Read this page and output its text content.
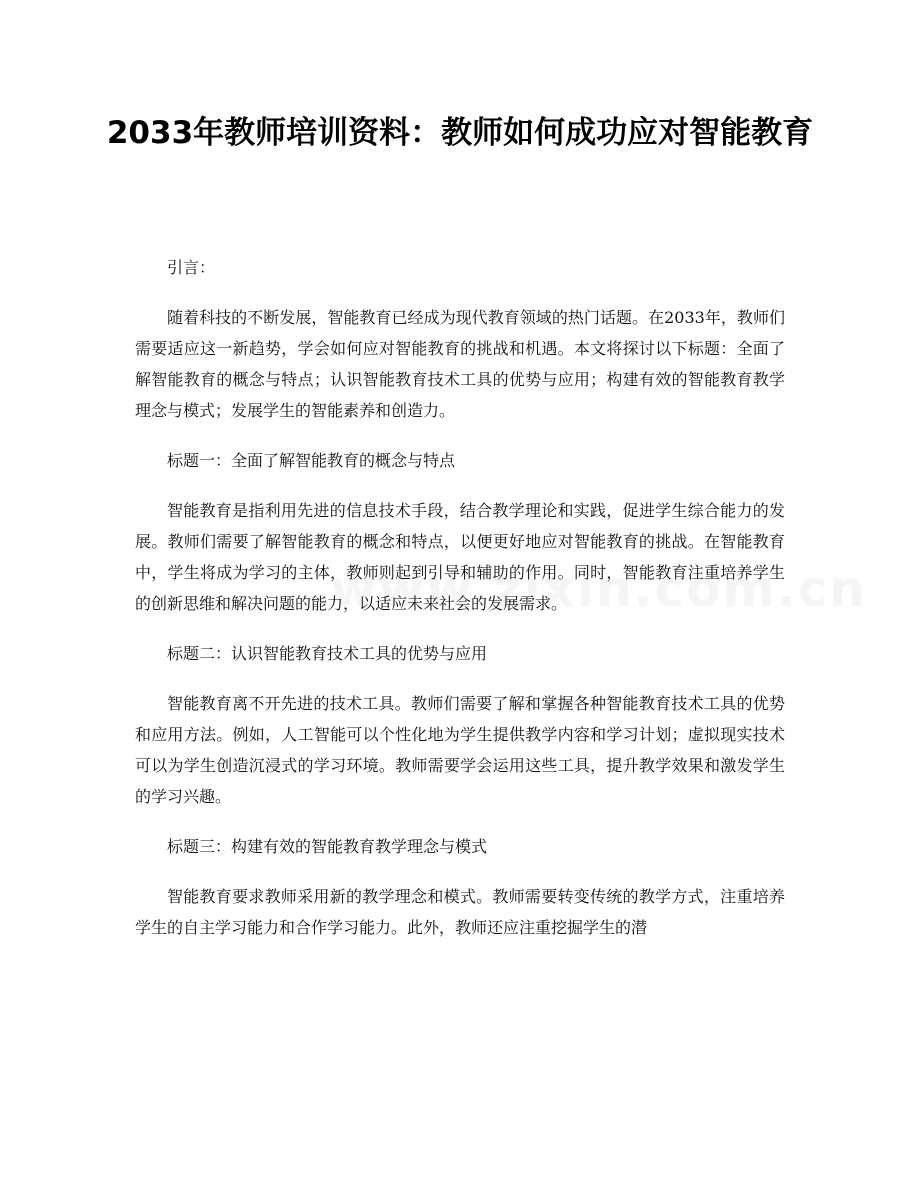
2033年教师培训资料：教师如何成功应对智能教育

引言：

随着科技的不断发展，智能教育已经成为现代教育领域的热门话题。在2033年，教师们需要适应这一新趋势，学会如何应对智能教育的挑战和机遇。本文将探讨以下标题：全面了解智能教育的概念与特点；认识智能教育技术工具的优势与应用；构建有效的智能教育教学理念与模式；发展学生的智能素养和创造力。

标题一：全面了解智能教育的概念与特点

智能教育是指利用先进的信息技术手段，结合教学理论和实践，促进学生综合能力的发展。教师们需要了解智能教育的概念和特点，以便更好地应对智能教育的挑战。在智能教育中，学生将成为学习的主体，教师则起到引导和辅助的作用。同时，智能教育注重培养学生的创新思维和解决问题的能力，以适应未来社会的发展需求。

标题二：认识智能教育技术工具的优势与应用

智能教育离不开先进的技术工具。教师们需要了解和掌握各种智能教育技术工具的优势和应用方法。例如，人工智能可以个性化地为学生提供教学内容和学习计划；虚拟现实技术可以为学生创造沉浸式的学习环境。教师需要学会运用这些工具，提升教学效果和激发学生的学习兴趣。

标题三：构建有效的智能教育教学理念与模式

智能教育要求教师采用新的教学理念和模式。教师需要转变传统的教学方式，注重培养学生的自主学习能力和合作学习能力。此外，教师还应注重挖掘学生的潜
